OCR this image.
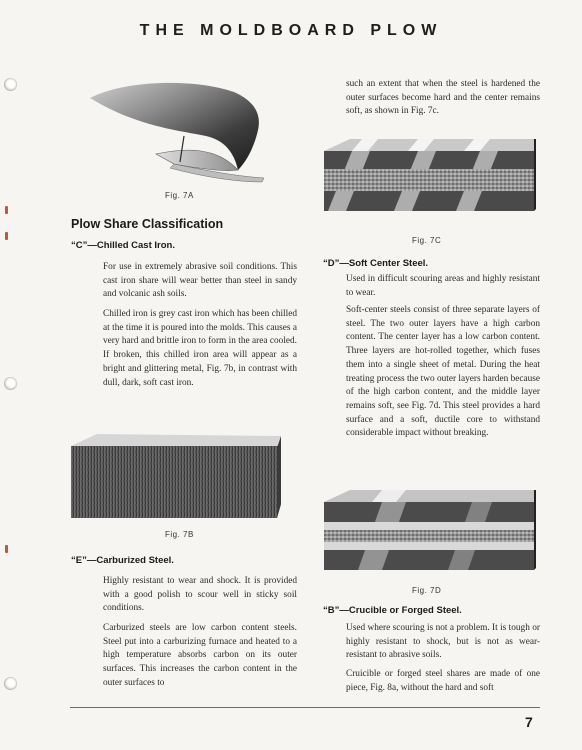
THE MOLDBOARD PLOW
Fig. 7A
Plow Share Classification
“C”—Chilled Cast Iron.

For use in extremely abrasive soil conditions. This cast iron share will wear better than steel in sandy and volcanic ash soils.

Chilled iron is grey cast iron which has been chilled at the time it is poured into the molds. This causes a very hard and brittle iron to form in the area cooled. If broken, this chilled iron area will appear as a bright and glittering metal, Fig. 7b, in contrast with dull, dark, soft cast iron.

Fig. 7B
“E”—Carburized Steel.

Highly resistant to wear and shock. It is provided with a good polish to scour well in sticky soil conditions.

Carburized steels are low carbon content steels. Steel put into a carburizing furnace and heated to a high temperature absorbs carbon on its outer surfaces. This increases the carbon content in the outer surfaces to

such an extent that when the steel is hardened the outer surfaces become hard and the center remains soft, as shown in Fig. 7c.

Fig. 7C
“D”—Soft Center Steel.

Used in difficult scouring areas and highly resistant to wear.

Soft-center steels consist of three separate layers of steel. The two outer layers have a high carbon content. The center layer has a low carbon content. Three layers are hot-rolled together, which fuses them into a single sheet of metal. During the heat treating process the two outer layers harden because of the high carbon content, and the middle layer remains soft, see Fig. 7d. This steel provides a hard surface and a soft, ductile core to withstand considerable impact without breaking.

Fig. 7D
“B”—Crucible or Forged Steel.

Used where scouring is not a problem. It is tough or highly resistant to shock, but is not as wear-resistant to abrasive soils.

Cruicible or forged steel shares are made of one piece, Fig. 8a, without the hard and soft

7
